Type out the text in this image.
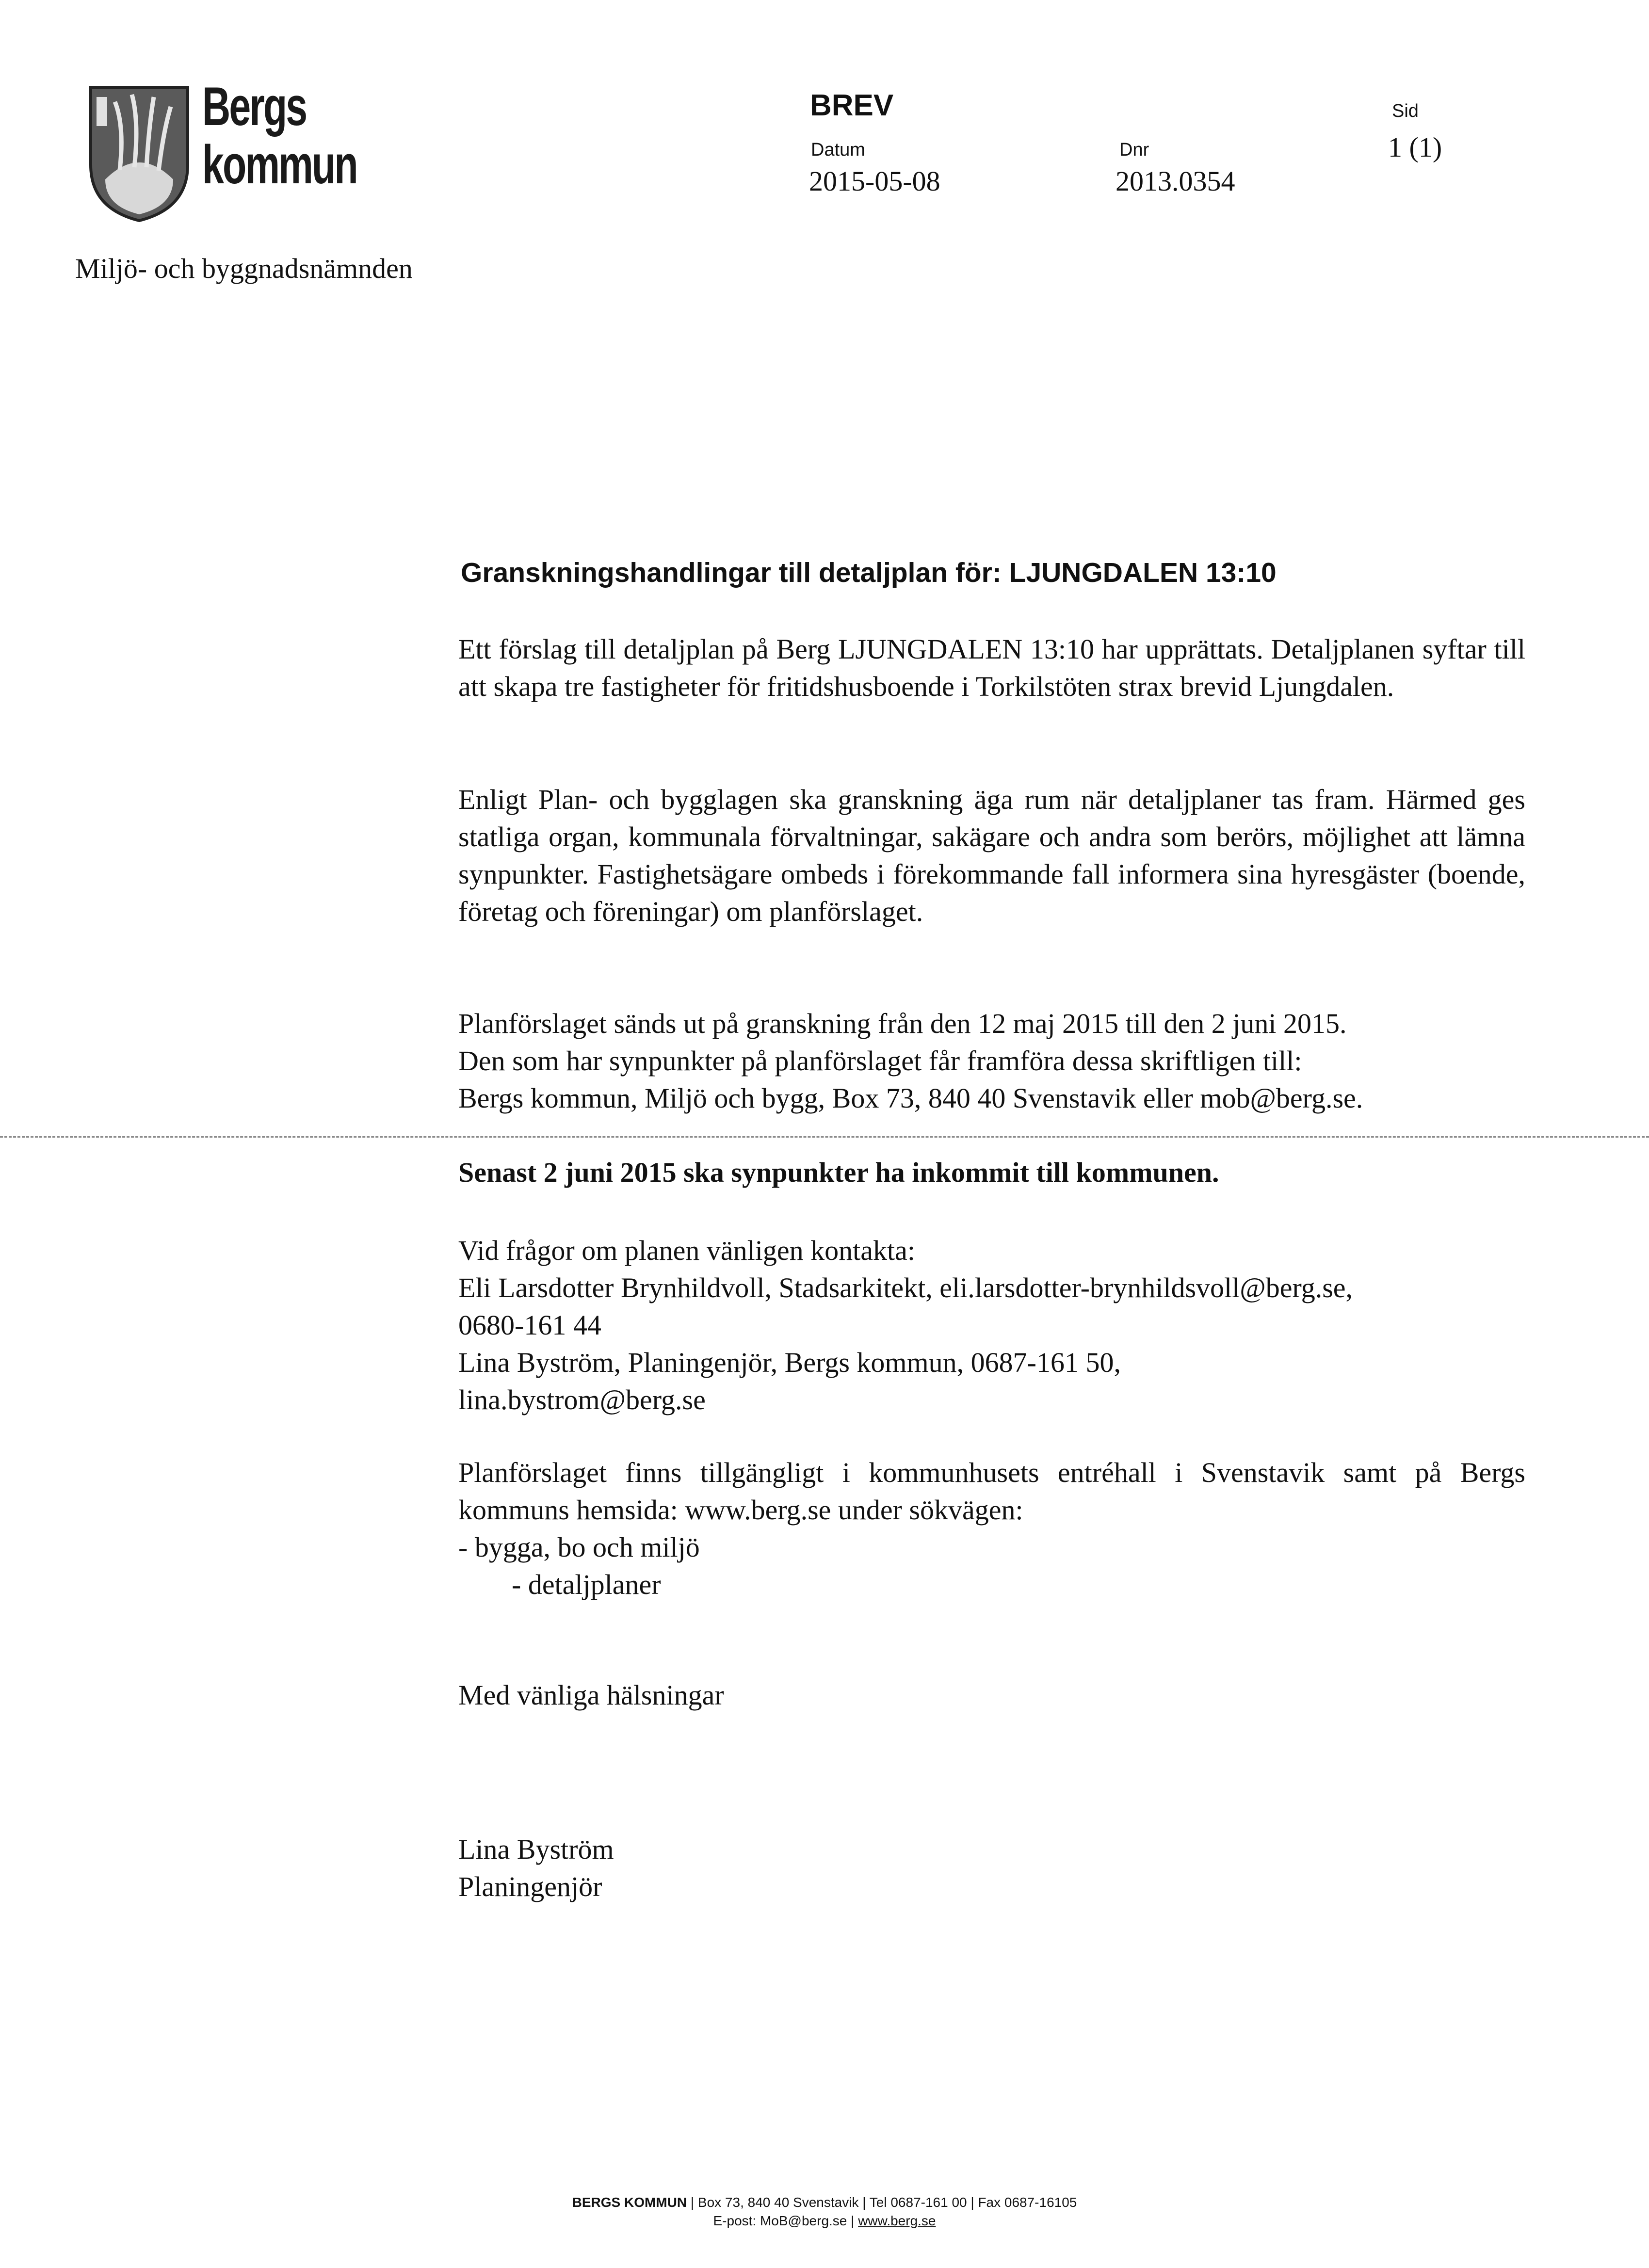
Bergs
kommun
BREV
Datum
2015-05-08
Dnr
2013.0354
Sid
1 (1)
Miljö- och byggnadsnämnden
Granskningshandlingar till detaljplan för: LJUNGDALEN 13:10

Ett förslag till detaljplan på Berg LJUNGDALEN 13:10 har upprättats. Detaljplanen syftar till att skapa tre fastigheter för fritidshusboende i Torkilstöten strax brevid Ljungdalen.

Enligt Plan- och bygglagen ska granskning äga rum när detaljplaner tas fram. Härmed ges statliga organ, kommunala förvaltningar, sakägare och andra som berörs, möjlighet att lämna synpunkter. Fastighetsägare ombeds i förekommande fall informera sina hyresgäster (boende, företag och föreningar) om planförslaget.

Planförslaget sänds ut på granskning från den 12 maj 2015 till den 2 juni 2015.
Den som har synpunkter på planförslaget får framföra dessa skriftligen till:
Bergs kommun, Miljö och bygg, Box 73, 840 40 Svenstavik eller mob@berg.se.
Senast 2 juni 2015 ska synpunkter ha inkommit till kommunen.
Vid frågor om planen vänligen kontakta:
Eli Larsdotter Brynhildvoll, Stadsarkitekt, eli.larsdotter-brynhildsvoll@berg.se,
0680-161 44
Lina Byström, Planingenjör, Bergs kommun, 0687-161 50,
lina.bystrom@berg.se
Planförslaget finns tillgängligt i kommunhusets entréhall i Svenstavik samt på Bergs kommuns hemsida: www.berg.se under sökvägen:
- bygga, bo och miljö
- detaljplaner
Med vänliga hälsningar
Lina Byström
Planingenjör
BERGS KOMMUN | Box 73, 840 40 Svenstavik | Tel 0687-161 00 | Fax 0687-16105
E-post: MoB@berg.se | www.berg.se
